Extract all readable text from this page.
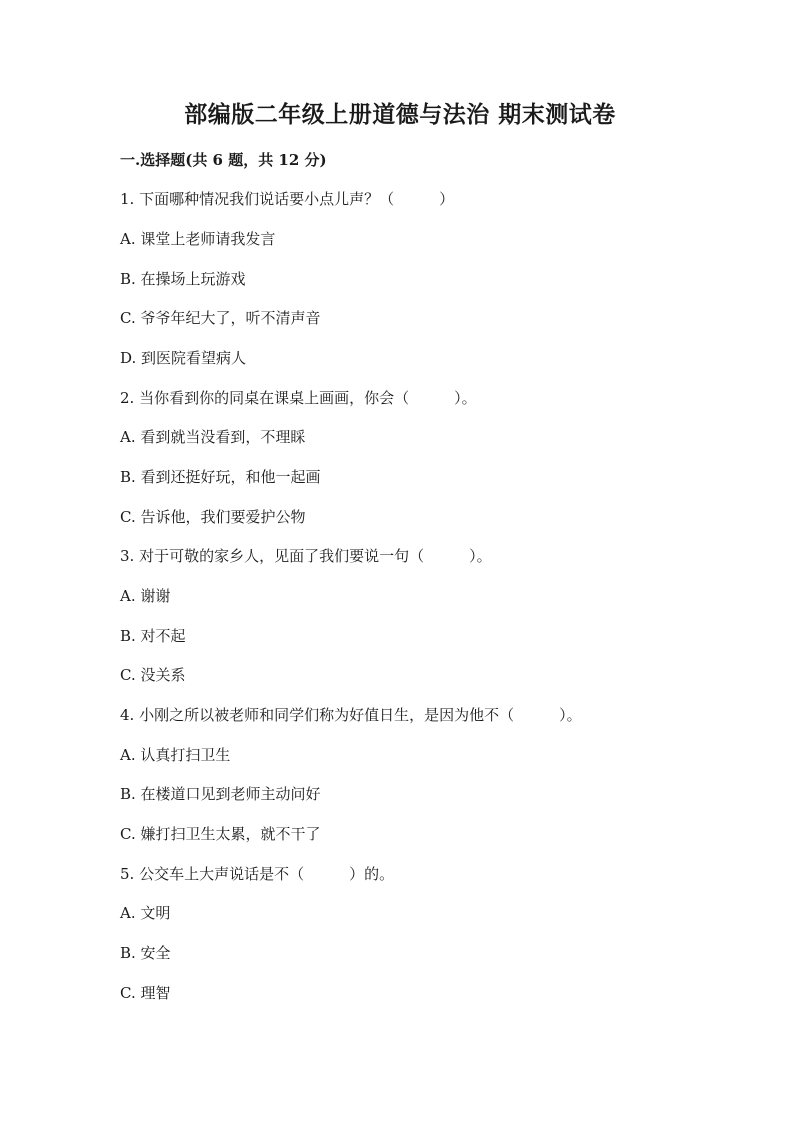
部编版二年级上册道德与法治 期末测试卷
一.选择题(共 6 题，共 12 分)
1. 下面哪种情况我们说话要小点儿声？（　　　）
A. 课堂上老师请我发言
B. 在操场上玩游戏
C. 爷爷年纪大了，听不清声音
D. 到医院看望病人
2. 当你看到你的同桌在课桌上画画，你会（　　　）。
A. 看到就当没看到，不理睬
B. 看到还挺好玩，和他一起画
C. 告诉他，我们要爱护公物
3. 对于可敬的家乡人，见面了我们要说一句（　　　）。
A. 谢谢
B. 对不起
C. 没关系
4. 小刚之所以被老师和同学们称为好值日生，是因为他不（　　　）。
A. 认真打扫卫生
B. 在楼道口见到老师主动问好
C. 嫌打扫卫生太累，就不干了
5. 公交车上大声说话是不（　　　）的。
A. 文明
B. 安全
C. 理智
